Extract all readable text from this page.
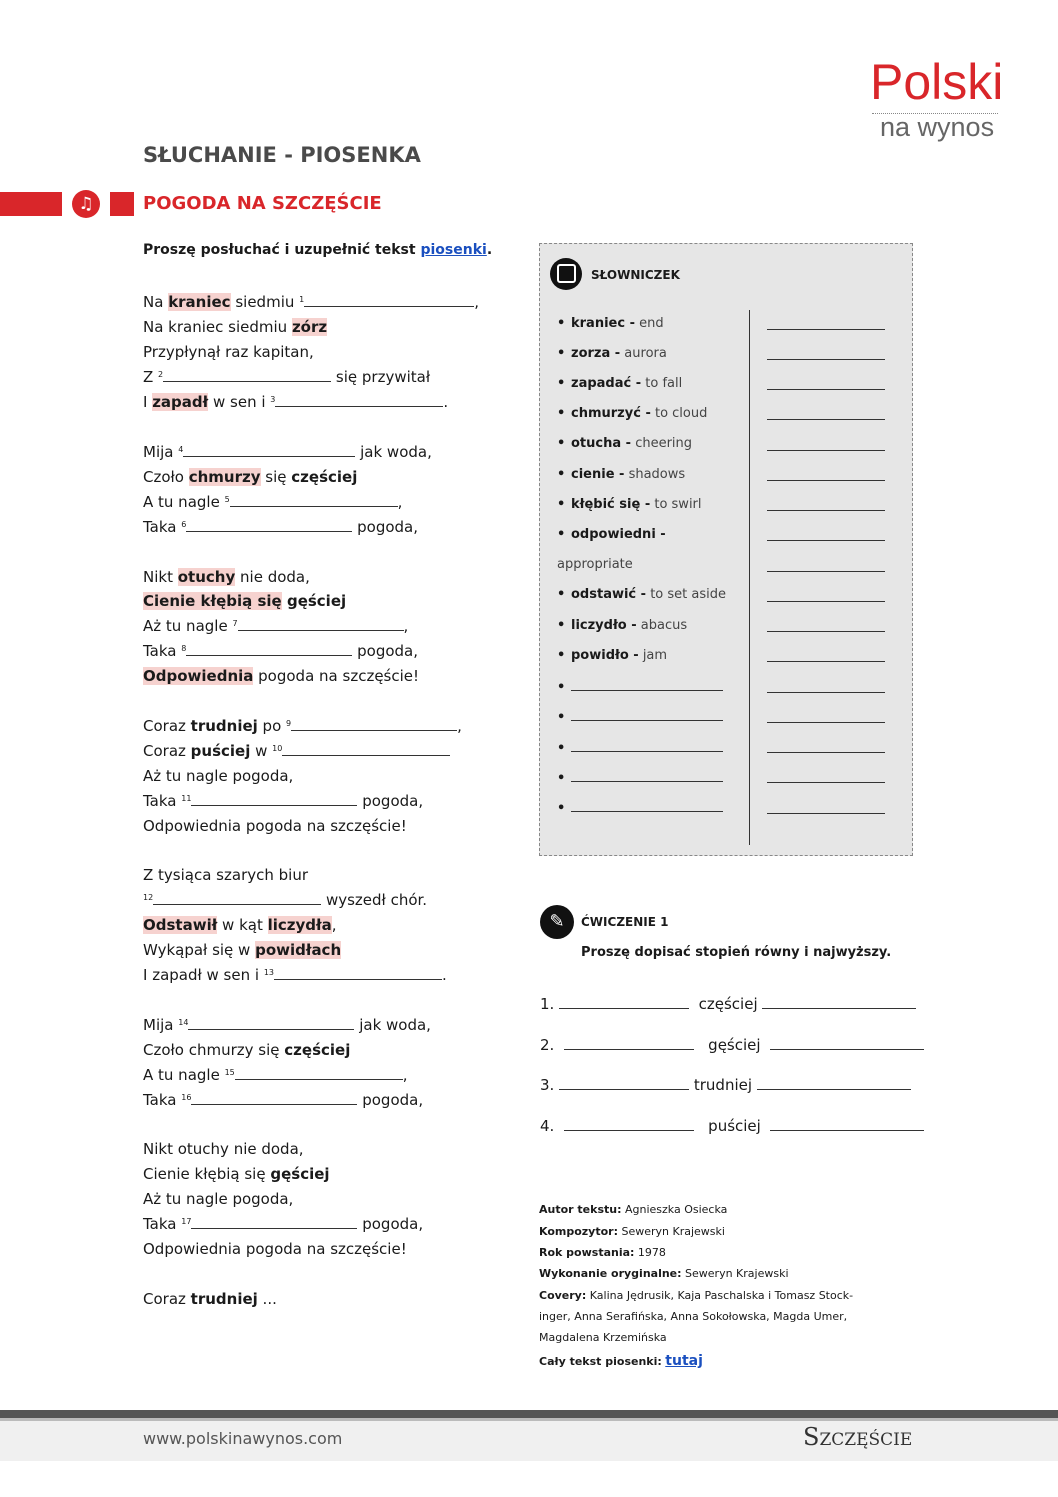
Polski
na wynos
SŁUCHANIE - PIOSENKA
♫	POGODA NA SZCZĘŚCIE
Proszę posłuchać i uzupełnić tekst piosenki.
Na kraniec siedmiu $^1$	,
Na kraniec siedmiu zórz
Przypłynął raz kapitan,
Z $^2$	się przywitał
I zapadł w sen i $^3$	.
Mija $^4$	jak woda,
Czoło chmurzy się częściej
A tu nagle $^5$	,
Taka $^6$	pogoda,
Nikt otuchy nie doda,
Cienie kłębią się gęściej
Aż tu nagle $^7$	,
Taka $^8$	pogoda,
Odpowiednia pogoda na szczęście!
Coraz trudniej po $^9$	,
Coraz puściej w $^{10}$
Aż tu nagle pogoda,
Taka $^{11}$	pogoda,
Odpowiednia pogoda na szczęście!
Z tysiąca szarych biur
$^{12}$	wyszedł chór.
Odstawił w kąt liczydła,
Wykąpał się w powidłach
I zapadł w sen i $^{13}$	.
Mija $^{14}$	jak woda,
Czoło chmurzy się częściej
A tu nagle $^{15}$	,
Taka $^{16}$	pogoda,
Nikt otuchy nie doda,
Cienie kłębią się gęściej
Aż tu nagle pogoda,
Taka $^{17}$	pogoda,
Odpowiednia pogoda na szczęście!
Coraz trudniej ...
SŁOWNICZEK
• kraniec - end
• zorza - aurora
• zapadać - to fall
• chmurzyć - to cloud
• otucha - cheering
• cienie - shadows
• kłębić się - to swirl
• odpowiedni -
appropriate
• odstawić - to set aside
• liczydło - abacus
• powidło - jam
•
•
•
•
•
✎	ĆWICZENIE 1
Proszę dopisać stopień równy i najwyższy.
1.	częściej
2.	gęściej
3.	trudniej
4.	puściej
Autor tekstu: Agnieszka Osiecka
Kompozytor: Seweryn Krajewski
Rok powstania: 1978
Wykonanie oryginalne: Seweryn Krajewski
Covery: Kalina Jędrusik, Kaja Paschalska i Tomasz Stock-
inger, Anna Serafińska, Anna Sokołowska, Magda Umer,
Magdalena Krzemińska
Cały tekst piosenki: tutaj
www.polskinawynos.com	Szczęście
